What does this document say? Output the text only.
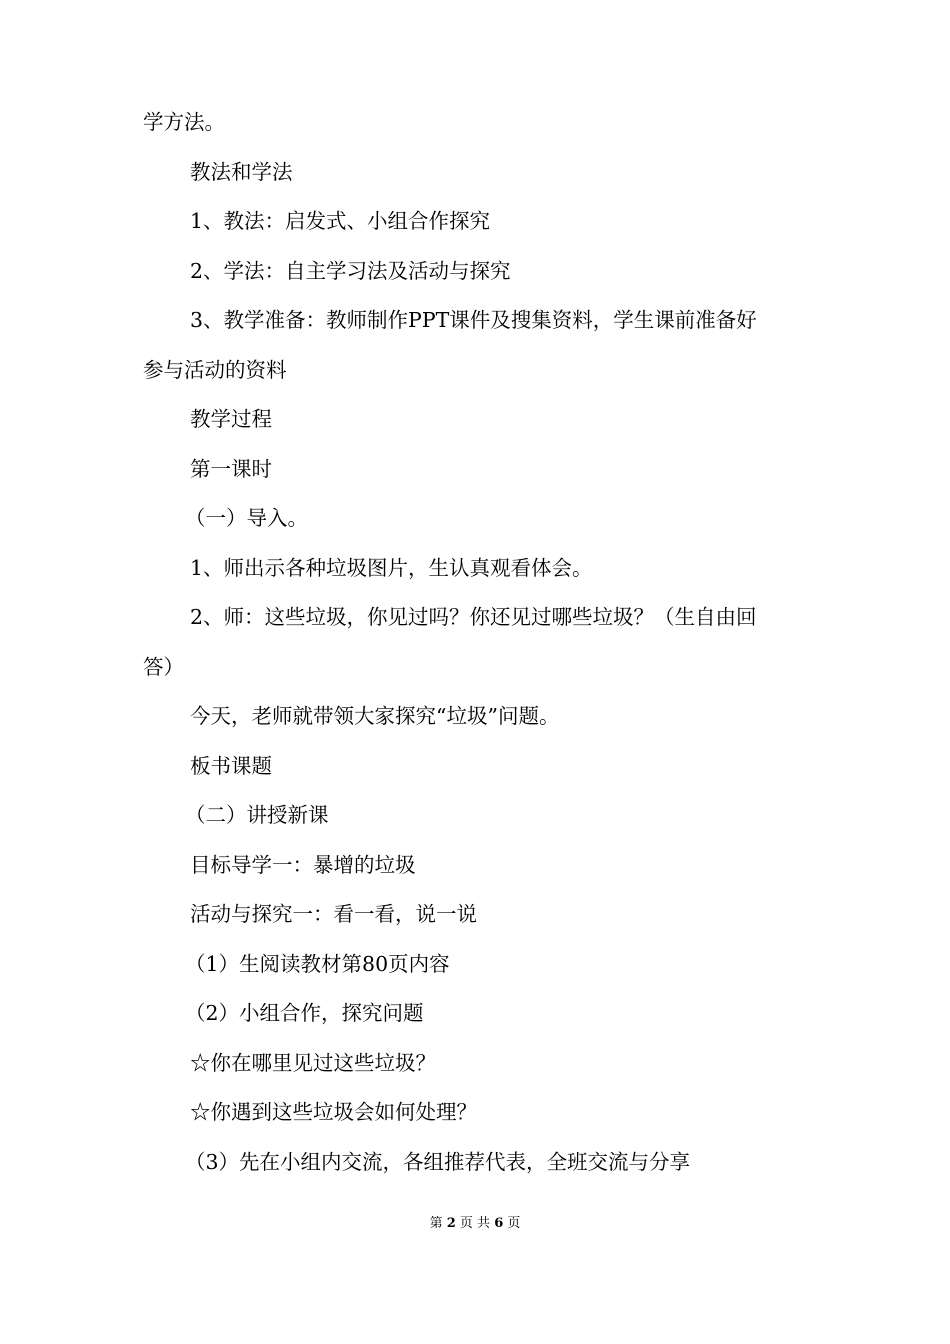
学方法。

教法和学法

1、教法：启发式、小组合作探究

2、学法：自主学习法及活动与探究

3、教学准备：教师制作PPT课件及搜集资料，学生课前准备好

参与活动的资料

教学过程

第一课时

（一）导入。

1、师出示各种垃圾图片，生认真观看体会。

2、师：这些垃圾，你见过吗？你还见过哪些垃圾？（生自由回

答）

今天，老师就带领大家探究“垃圾”问题。

板书课题

（二）讲授新课

目标导学一：暴增的垃圾

活动与探究一：看一看，说一说

（1）生阅读教材第80页内容

（2）小组合作，探究问题

☆你在哪里见过这些垃圾？

☆你遇到这些垃圾会如何处理？

（3）先在小组内交流，各组推荐代表，全班交流与分享

第 2 页 共 6 页
